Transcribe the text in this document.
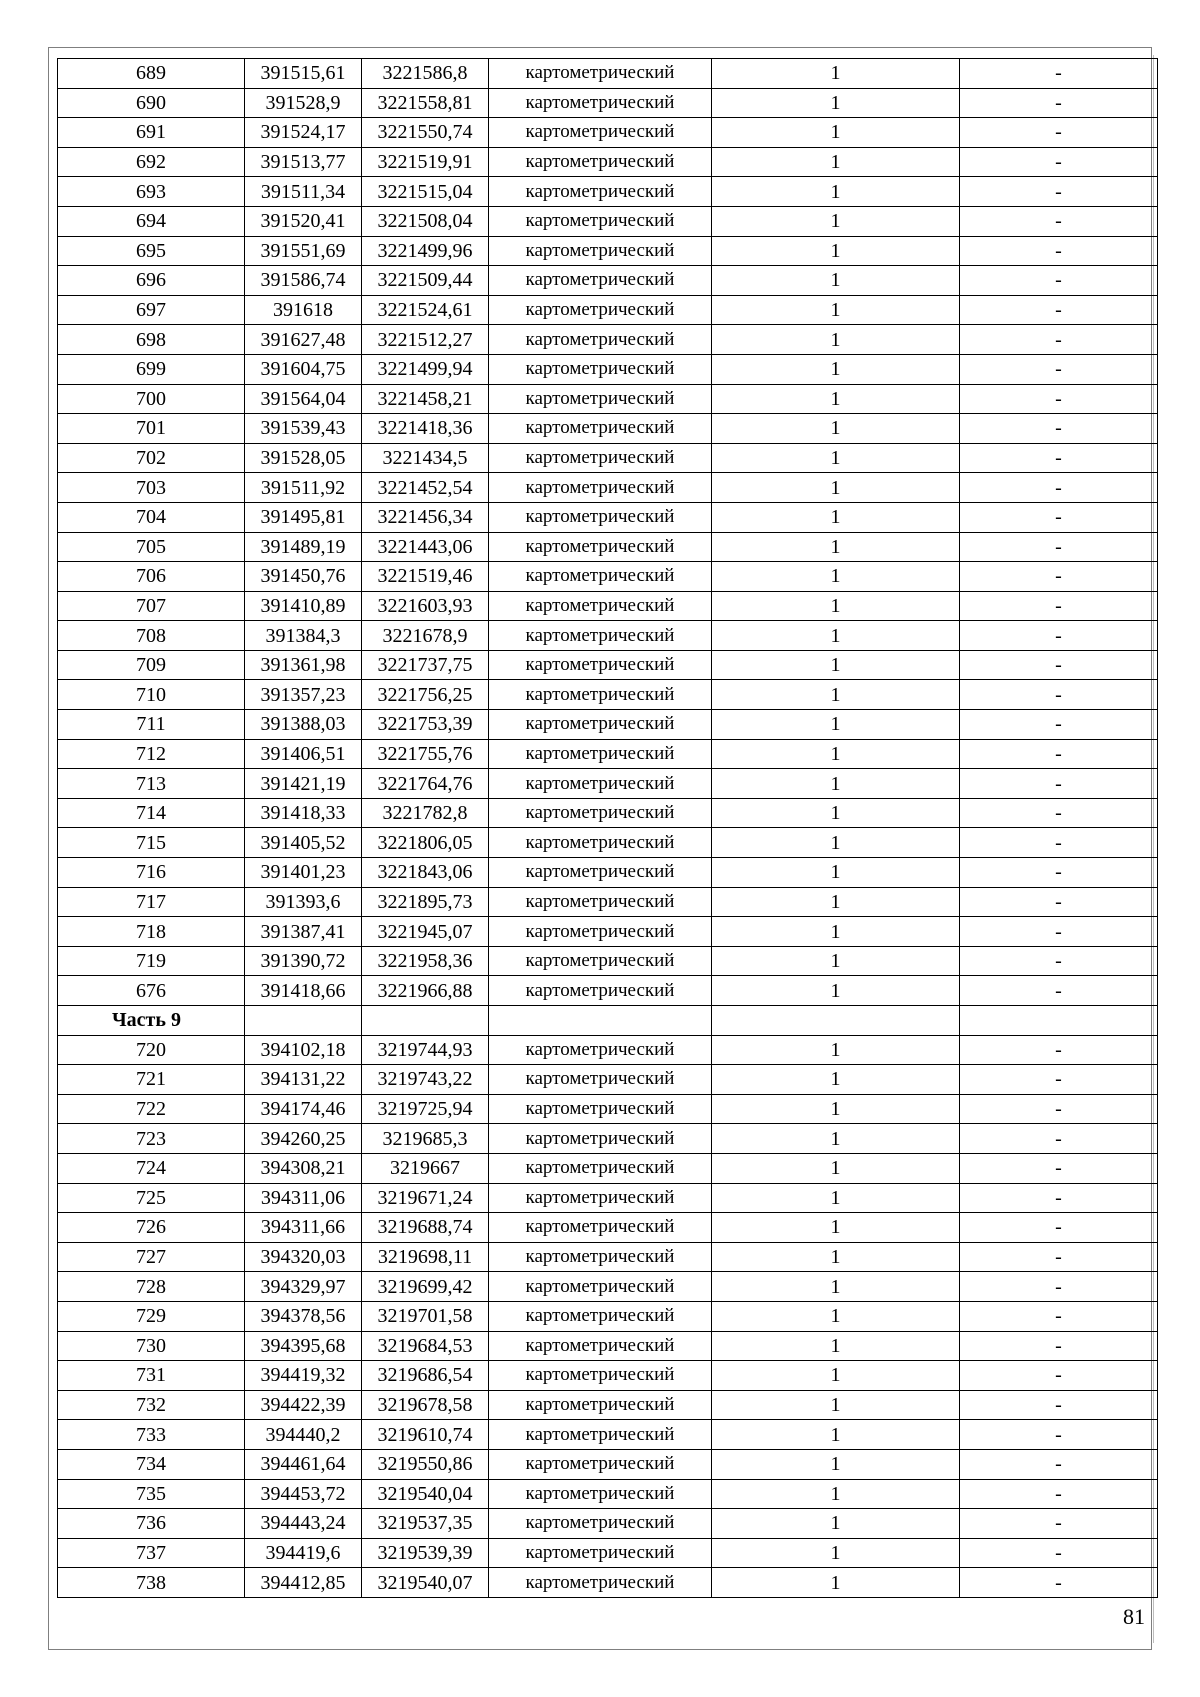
689	391515,61	3221586,8	картометрический	1	-
690	391528,9	3221558,81	картометрический	1	-
691	391524,17	3221550,74	картометрический	1	-
692	391513,77	3221519,91	картометрический	1	-
693	391511,34	3221515,04	картометрический	1	-
694	391520,41	3221508,04	картометрический	1	-
695	391551,69	3221499,96	картометрический	1	-
696	391586,74	3221509,44	картометрический	1	-
697	391618	3221524,61	картометрический	1	-
698	391627,48	3221512,27	картометрический	1	-
699	391604,75	3221499,94	картометрический	1	-
700	391564,04	3221458,21	картометрический	1	-
701	391539,43	3221418,36	картометрический	1	-
702	391528,05	3221434,5	картометрический	1	-
703	391511,92	3221452,54	картометрический	1	-
704	391495,81	3221456,34	картометрический	1	-
705	391489,19	3221443,06	картометрический	1	-
706	391450,76	3221519,46	картометрический	1	-
707	391410,89	3221603,93	картометрический	1	-
708	391384,3	3221678,9	картометрический	1	-
709	391361,98	3221737,75	картометрический	1	-
710	391357,23	3221756,25	картометрический	1	-
711	391388,03	3221753,39	картометрический	1	-
712	391406,51	3221755,76	картометрический	1	-
713	391421,19	3221764,76	картометрический	1	-
714	391418,33	3221782,8	картометрический	1	-
715	391405,52	3221806,05	картометрический	1	-
716	391401,23	3221843,06	картометрический	1	-
717	391393,6	3221895,73	картометрический	1	-
718	391387,41	3221945,07	картометрический	1	-
719	391390,72	3221958,36	картометрический	1	-
676	391418,66	3221966,88	картометрический	1	-
Часть 9					
720	394102,18	3219744,93	картометрический	1	-
721	394131,22	3219743,22	картометрический	1	-
722	394174,46	3219725,94	картометрический	1	-
723	394260,25	3219685,3	картометрический	1	-
724	394308,21	3219667	картометрический	1	-
725	394311,06	3219671,24	картометрический	1	-
726	394311,66	3219688,74	картометрический	1	-
727	394320,03	3219698,11	картометрический	1	-
728	394329,97	3219699,42	картометрический	1	-
729	394378,56	3219701,58	картометрический	1	-
730	394395,68	3219684,53	картометрический	1	-
731	394419,32	3219686,54	картометрический	1	-
732	394422,39	3219678,58	картометрический	1	-
733	394440,2	3219610,74	картометрический	1	-
734	394461,64	3219550,86	картометрический	1	-
735	394453,72	3219540,04	картометрический	1	-
736	394443,24	3219537,35	картометрический	1	-
737	394419,6	3219539,39	картометрический	1	-
738	394412,85	3219540,07	картометрический	1	-
81
